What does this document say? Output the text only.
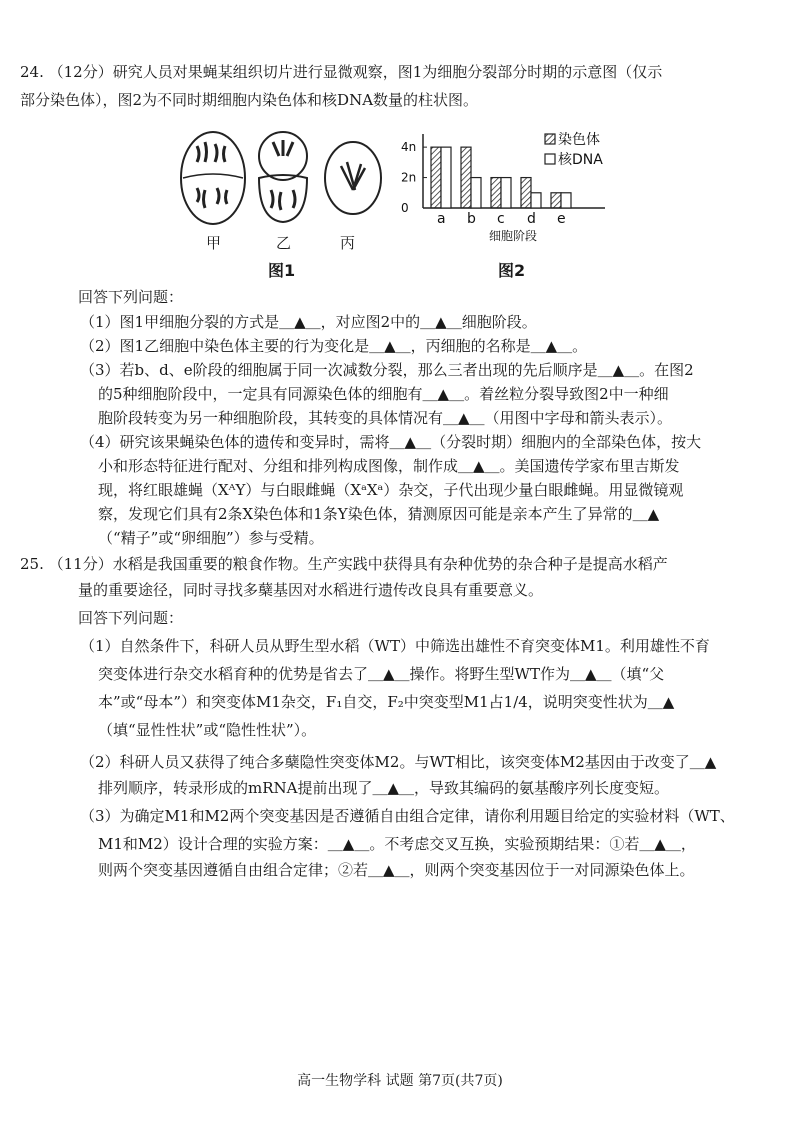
24. （12分）研究人员对果蝇某组织切片进行显微观察，图1为细胞分裂部分时期的示意图（仅示
部分染色体），图2为不同时期细胞内染色体和核DNA数量的柱状图。
甲	乙	丙
图1
0
2n
4n
a b c d e
染色体
核DNA
细胞阶段
图2
回答下列问题：
（1）图1甲细胞分裂的方式是＿▲＿，对应图2中的＿▲＿细胞阶段。
（2）图1乙细胞中染色体主要的行为变化是＿▲＿，丙细胞的名称是＿▲＿。
（3）若b、d、e阶段的细胞属于同一次减数分裂，那么三者出现的先后顺序是＿▲＿。在图2
的5种细胞阶段中，一定具有同源染色体的细胞有＿▲＿。着丝粒分裂导致图2中一种细
胞阶段转变为另一种细胞阶段，其转变的具体情况有＿▲＿（用图中字母和箭头表示）。
（4）研究该果蝇染色体的遗传和变异时，需将＿▲＿（分裂时期）细胞内的全部染色体，按大
小和形态特征进行配对、分组和排列构成图像，制作成＿▲＿。美国遗传学家布里吉斯发
现，将红眼雄蝇（XᴬY）与白眼雌蝇（XᵃXᵃ）杂交，子代出现少量白眼雌蝇。用显微镜观
察，发现它们具有2条X染色体和1条Y染色体，猜测原因可能是亲本产生了异常的＿▲
（“精子”或“卵细胞”）参与受精。
25. （11分）水稻是我国重要的粮食作物。生产实践中获得具有杂种优势的杂合种子是提高水稻产
量的重要途径，同时寻找多蘖基因对水稻进行遗传改良具有重要意义。
回答下列问题：
（1）自然条件下，科研人员从野生型水稻（WT）中筛选出雄性不育突变体M1。利用雄性不育
突变体进行杂交水稻育种的优势是省去了＿▲＿操作。将野生型WT作为＿▲＿（填“父
本”或“母本”）和突变体M1杂交，F₁自交，F₂中突变型M1占1/4，说明突变性状为＿▲
（填“显性性状”或“隐性性状”）。
（2）科研人员又获得了纯合多蘖隐性突变体M2。与WT相比，该突变体M2基因由于改变了＿▲
排列顺序，转录形成的mRNA提前出现了＿▲＿，导致其编码的氨基酸序列长度变短。
（3）为确定M1和M2两个突变基因是否遵循自由组合定律，请你利用题目给定的实验材料（WT、
M1和M2）设计合理的实验方案：＿▲＿。不考虑交叉互换，实验预期结果：①若＿▲＿，
则两个突变基因遵循自由组合定律；②若＿▲＿，则两个突变基因位于一对同源染色体上。
高一生物学科 试题 第7页(共7页)
